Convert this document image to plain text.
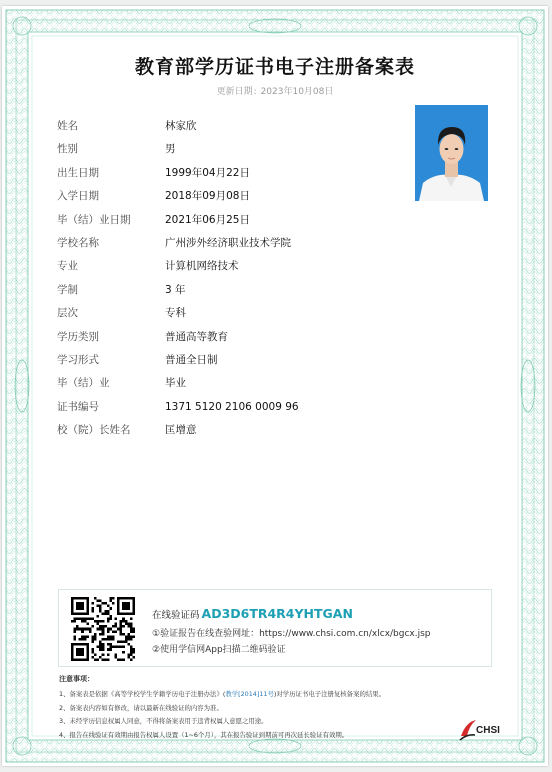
教育部学历证书电子注册备案表
更新日期: 2023年10月08日
姓名	林家欣
性别	男
出生日期	1999年04月22日
入学日期	2018年09月08日
毕（结）业日期	2021年06月25日
学校名称	广州涉外经济职业技术学院
专业	计算机网络技术
学制	3 年
层次	专科
学历类别	普通高等教育
学习形式	普通全日制
毕（结）业	毕业
证书编号	1371 5120 2106 0009 96
校（院）长姓名	匡增意
在线验证码 AD3D6TR4R4YHTGAN
①验证报告在线查验网址：https://www.chsi.com.cn/xlcx/bgcx.jsp
②使用学信网App扫描二维码验证
注意事项：
1、备案表是依据《高等学校学生学籍学历电子注册办法》(教学[2014]11号)对学历证书电子注册复核备案的结果。
2、备案表内容如有修改，请以最新在线验证的内容为准。
3、未经学历信息权属人同意，不得将备案表用于违背权属人意愿之用途。
4、报告在线验证有效期由报告权属人设置（1~6个月），其在报告验证到期前可再次延长验证有效期。	CHSI
